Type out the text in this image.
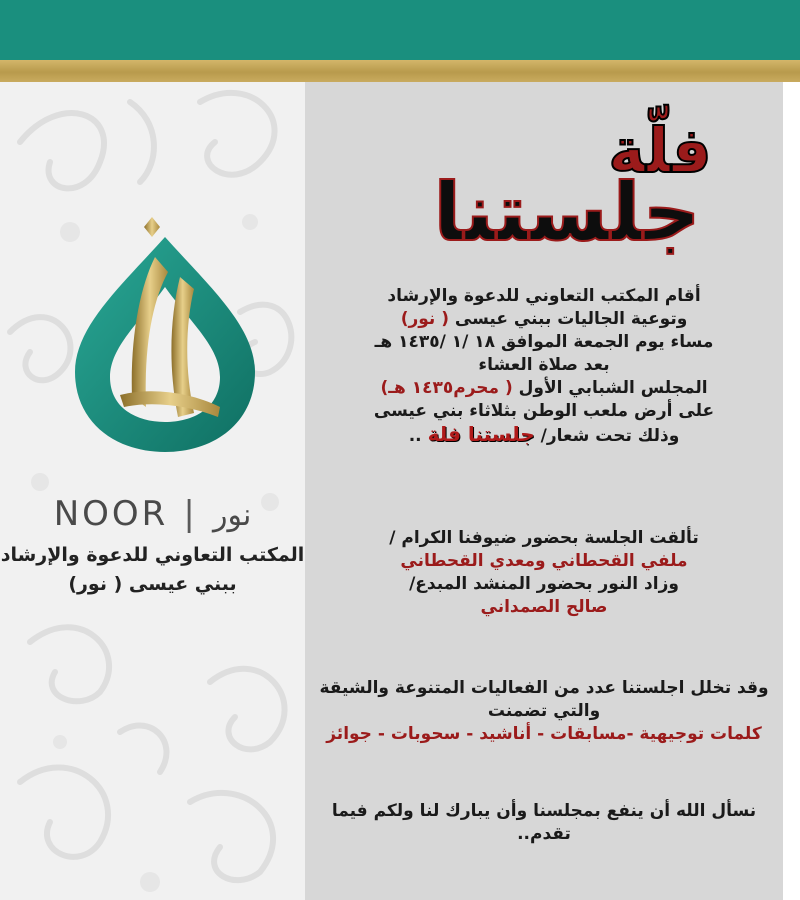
NOOR | نور
المكتب التعاوني للدعوة والإرشاد
ببني عيسى ( نور)
فلّة
جلستنا
أقام المكتب التعاوني للدعوة والإرشاد
وتوعية الجاليات ببني عيسى ( نور)
مساء يوم الجمعة الموافق ١٨ /١ /١٤٣٥ هـ
بعد صلاة العشاء
المجلس الشبابي الأول ( محرم١٤٣٥ هـ)
على أرض ملعب الوطن بثلاثاء بني عيسى
وذلك تحت شعار/ جلستنا فلة ..
تألقت الجلسة بحضور ضيوفنا الكرام /
ملفي القحطاني ومعدي القحطاني
وزاد النور بحضور المنشد المبدع/
صالح الصمداني
وقد تخلل اجلستنا عدد من الفعاليات المتنوعة والشيقة
والتي تضمنت
كلمات توجيهية -مسابقات - أناشيد - سحوبات - جوائز
نسأل الله أن ينفع بمجلسنا وأن يبارك لنا ولكم فيما
تقدم..
